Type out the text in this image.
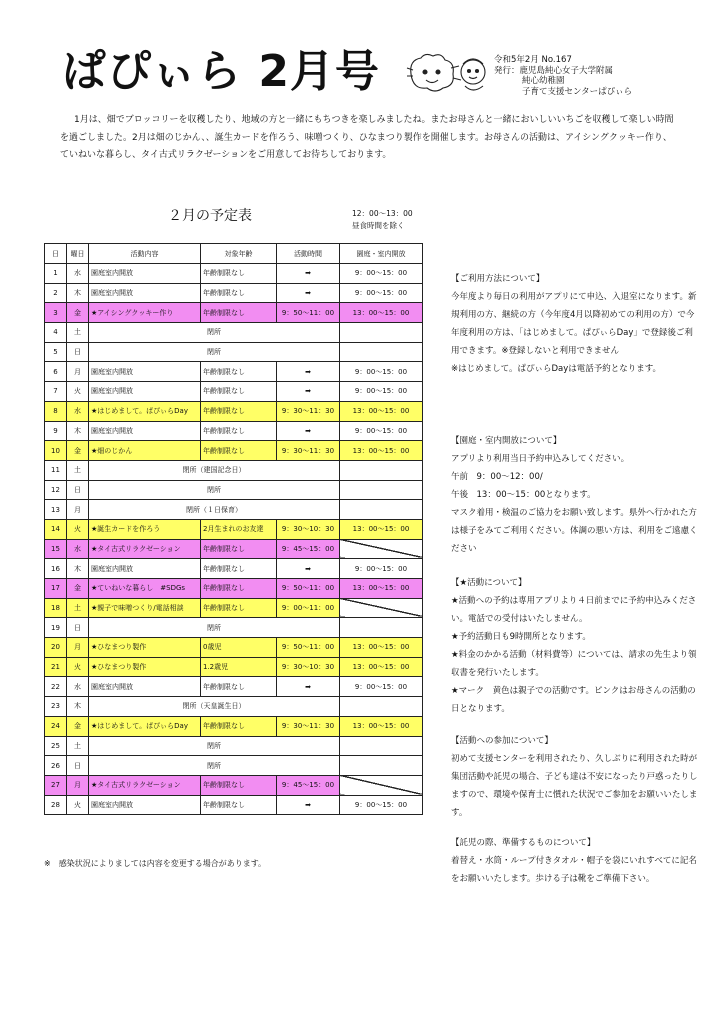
ぱぴぃら 2月号	令和5年2月 No.167
発行：鹿児島純心女子大学附属
純心幼稚園
子育て支援センターぱぴぃら
1月は、畑でブロッコリーを収穫したり、地域の方と一緒にもちつきを楽しみましたね。またお母さんと一緒においしいいちごを収穫して楽しい時間を過ごしました。2月は畑のじかん、、誕生カードを作ろう、味噌つくり、ひなまつり製作を開催します。お母さんの活動は、アイシングクッキー作り、ていねいな暮らし、タイ古式リラクゼーションをご用意してお待ちしております。
２月の予定表	12：00～13：00
昼食時間を除く
日	曜日	活動内容	対象年齢	活動時間	園庭・室内開放
1	水	園庭室内開放	年齢制限なし	➡	9：00～15：00
2	木	園庭室内開放	年齢制限なし	➡	9：00～15：00
3	金	★アイシングクッキー作り	年齢制限なし	9：50～11：00	13：00～15：00
4	土	閉所			
5	日	閉所			
6	月	園庭室内開放	年齢制限なし	➡	9：00～15：00
7	火	園庭室内開放	年齢制限なし	➡	9：00～15：00
8	水	★はじめまして。ぱぴぃらDay	年齢制限なし	9：30～11：30	13：00～15：00
9	木	園庭室内開放	年齢制限なし	➡	9：00～15：00
10	金	★畑のじかん	年齢制限なし	9：30～11：30	13：00～15：00
11	土	閉所（建国記念日）			
12	日	閉所			
13	月	閉所（１日保育）			
14	火	★誕生カードを作ろう	2月生まれのお友達	9：30～10：30	13：00～15：00
15	水	★タイ古式リラクゼーション	年齢制限なし	9：45～15：00	
16	木	園庭室内開放	年齢制限なし	➡	9：00～15：00
17	金	★ていねいな暮らし　#SDGs	年齢制限なし	9：50～11：00	13：00～15：00
18	土	★親子で味噌つくり/電話相談	年齢制限なし	9：00～11：00	
19	日	閉所			
20	月	★ひなまつり製作	0歳児	9：50～11：00	13：00～15：00
21	火	★ひなまつり製作	1.2歳児	9：30～10：30	13：00～15：00
22	水	園庭室内開放	年齢制限なし	➡	9：00～15：00
23	木	閉所（天皇誕生日）			
24	金	★はじめまして。ぱぴぃらDay	年齢制限なし	9：30～11：30	13：00～15：00
25	土	閉所			
26	日	閉所			
27	月	★タイ古式リラクゼーション	年齢制限なし	9：45～15：00	
28	火	園庭室内開放	年齢制限なし	➡	9：00～15：00
※　感染状況によりましては内容を変更する場合があります。

【ご利用方法について】

今年度より毎日の利用がアプリにて申込、入退室になります。新規利用の方、継続の方（今年度4月以降初めての利用の方）で今年度利用の方は、「はじめまして。ぱぴぃらDay」で登録後ご利用できます。※登録しないと利用できません
※はじめまして。ぱぴぃらDayは電話予約となります。

【園庭・室内開放について】

アプリより利用当日予約申込みしてください。
午前　9：00～12：00/
午後　13：00～15：00となります。
マスク着用・検温のご協力をお願い致します。県外へ行かれた方は様子をみてご利用ください。体調の悪い方は、利用をご遠慮ください

【★活動について】

★活動への予約は専用アプリより４日前までに予約申込みください。電話での受付はいたしません。
★予約活動日も9時開所となります。
★料金のかかる活動（材料費等）については、請求の先生より領収書を発行いたします。
★マーク　黄色は親子での活動です。ピンクはお母さんの活動の日となります。

【活動への参加について】

初めて支援センターを利用されたり、久しぶりに利用された時が集団活動や託児の場合、子ども達は不安になったり戸惑ったりしますので、環境や保育士に慣れた状況でご参加をお願いいたします。

【託児の際、準備するものについて】

着替え・水筒・ループ付きタオル・帽子を袋にいれすべてに記名をお願いいたします。歩ける子は靴をご準備下さい。
